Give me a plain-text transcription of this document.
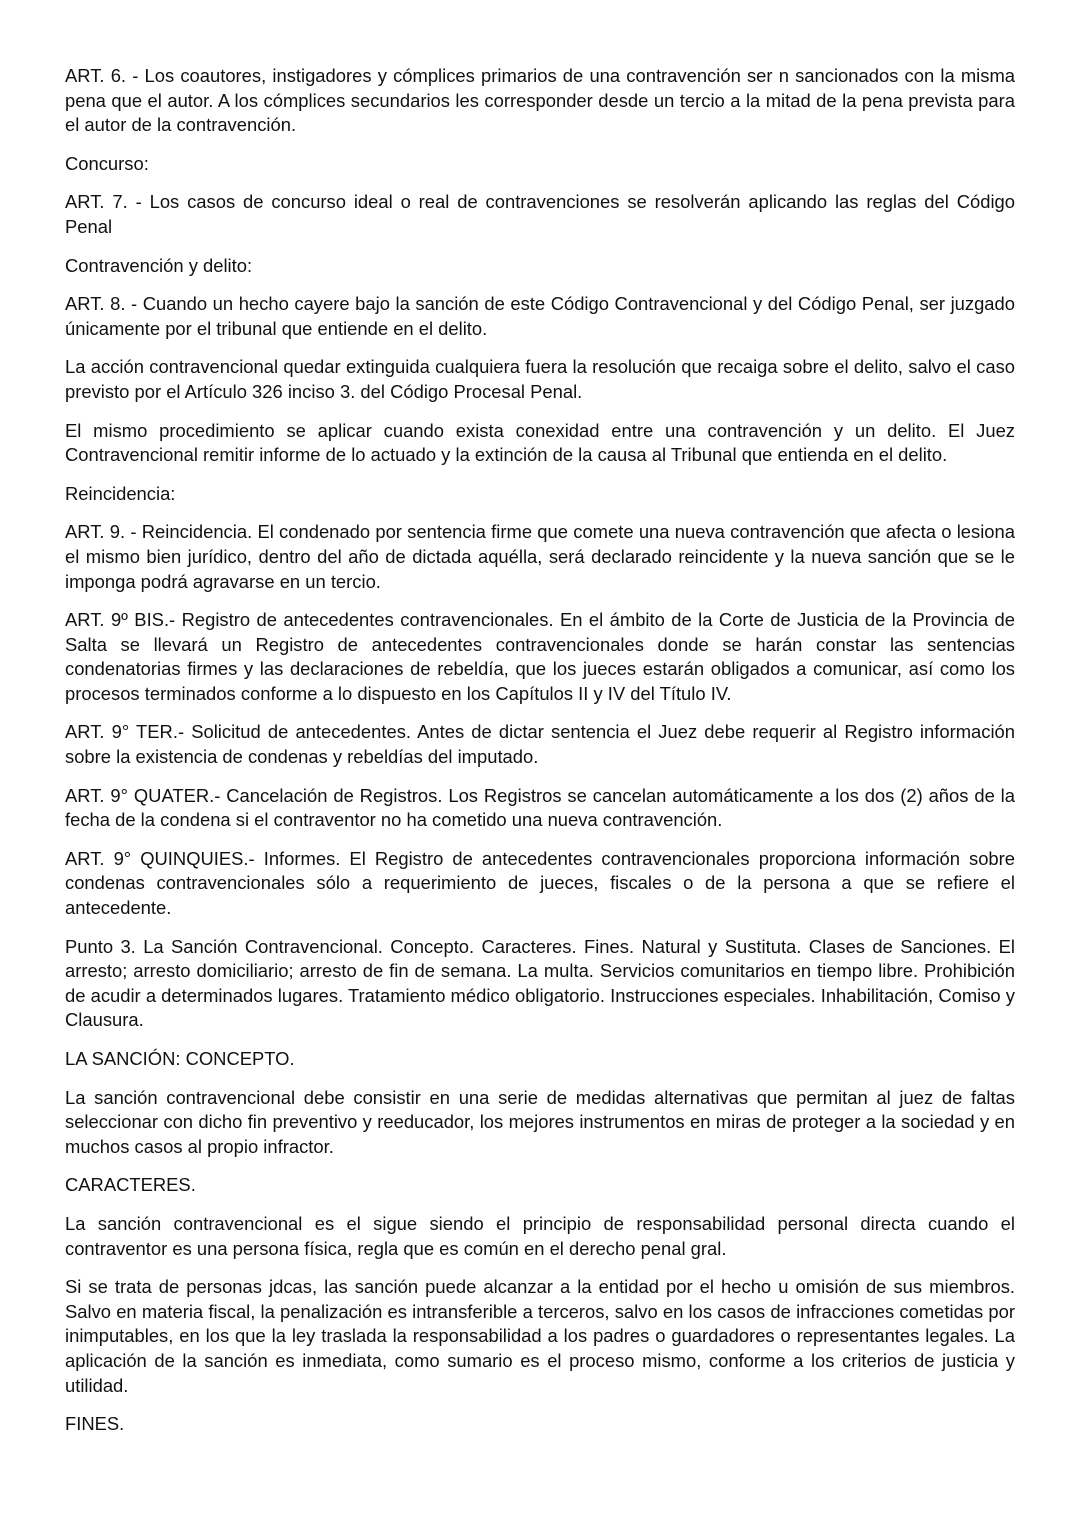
ART. 6. - Los coautores, instigadores y cómplices primarios de una contravención ser n sancionados con la misma pena que el autor. A los cómplices secundarios les corresponder desde un tercio a la mitad de la pena prevista para el autor de la contravención.

Concurso:

ART. 7. - Los casos de concurso ideal o real de contravenciones se resolverán aplicando las reglas del Código Penal

Contravención y delito:

ART. 8. - Cuando un hecho cayere bajo la sanción de este Código Contravencional y del Código Penal, ser juzgado únicamente por el tribunal que entiende en el delito.

La acción contravencional quedar extinguida cualquiera fuera la resolución que recaiga sobre el delito, salvo el caso previsto por el Artículo 326 inciso 3. del Código Procesal Penal.

El mismo procedimiento se aplicar cuando exista conexidad entre una contravención y un delito. El Juez Contravencional remitir informe de lo actuado y la extinción de la causa al Tribunal que entienda en el delito.

Reincidencia:

ART. 9. - Reincidencia. El condenado por sentencia firme que comete una nueva contravención que afecta o lesiona el mismo bien jurídico, dentro del año de dictada aquélla, será declarado reincidente y la nueva sanción que se le imponga podrá agravarse en un tercio.

ART. 9º BIS.- Registro de antecedentes contravencionales. En el ámbito de la Corte de Justicia de la Provincia de Salta se llevará un Registro de antecedentes contravencionales donde se harán constar las sentencias condenatorias firmes y las declaraciones de rebeldía, que los jueces estarán obligados a comunicar, así como los procesos terminados conforme a lo dispuesto en los Capítulos II y IV del Título IV.

ART. 9° TER.- Solicitud de antecedentes. Antes de dictar sentencia el Juez debe requerir al Registro información sobre la existencia de condenas y rebeldías del imputado.

ART. 9° QUATER.- Cancelación de Registros. Los Registros se cancelan automáticamente a los dos (2) años de la fecha de la condena si el contraventor no ha cometido una nueva contravención.

ART. 9° QUINQUIES.- Informes. El Registro de antecedentes contravencionales proporciona información sobre condenas contravencionales sólo a requerimiento de jueces, fiscales o de la persona a que se refiere el antecedente.

Punto 3. La Sanción Contravencional. Concepto. Caracteres. Fines. Natural y Sustituta. Clases de Sanciones. El arresto; arresto domiciliario; arresto de fin de semana. La multa. Servicios comunitarios en tiempo libre. Prohibición de acudir a determinados lugares. Tratamiento médico obligatorio. Instrucciones especiales. Inhabilitación, Comiso y Clausura.

LA SANCIÓN: CONCEPTO.

La sanción contravencional debe consistir en una serie de medidas alternativas que permitan al juez de faltas seleccionar con dicho fin preventivo y reeducador, los mejores instrumentos en miras de proteger a la sociedad y en muchos casos al propio infractor.

CARACTERES.

La sanción contravencional es el sigue siendo el principio de responsabilidad personal directa cuando el contraventor es una persona física, regla que es común en el derecho penal gral.

Si se trata de personas jdcas, las sanción puede alcanzar a la entidad por el hecho u omisión de sus miembros. Salvo en materia fiscal, la penalización es intransferible a terceros, salvo en los casos de infracciones cometidas por inimputables, en los que la ley traslada la responsabilidad a los padres o guardadores o representantes legales. La aplicación de la sanción es inmediata, como sumario es el proceso mismo, conforme a los criterios de justicia y utilidad.

FINES.
